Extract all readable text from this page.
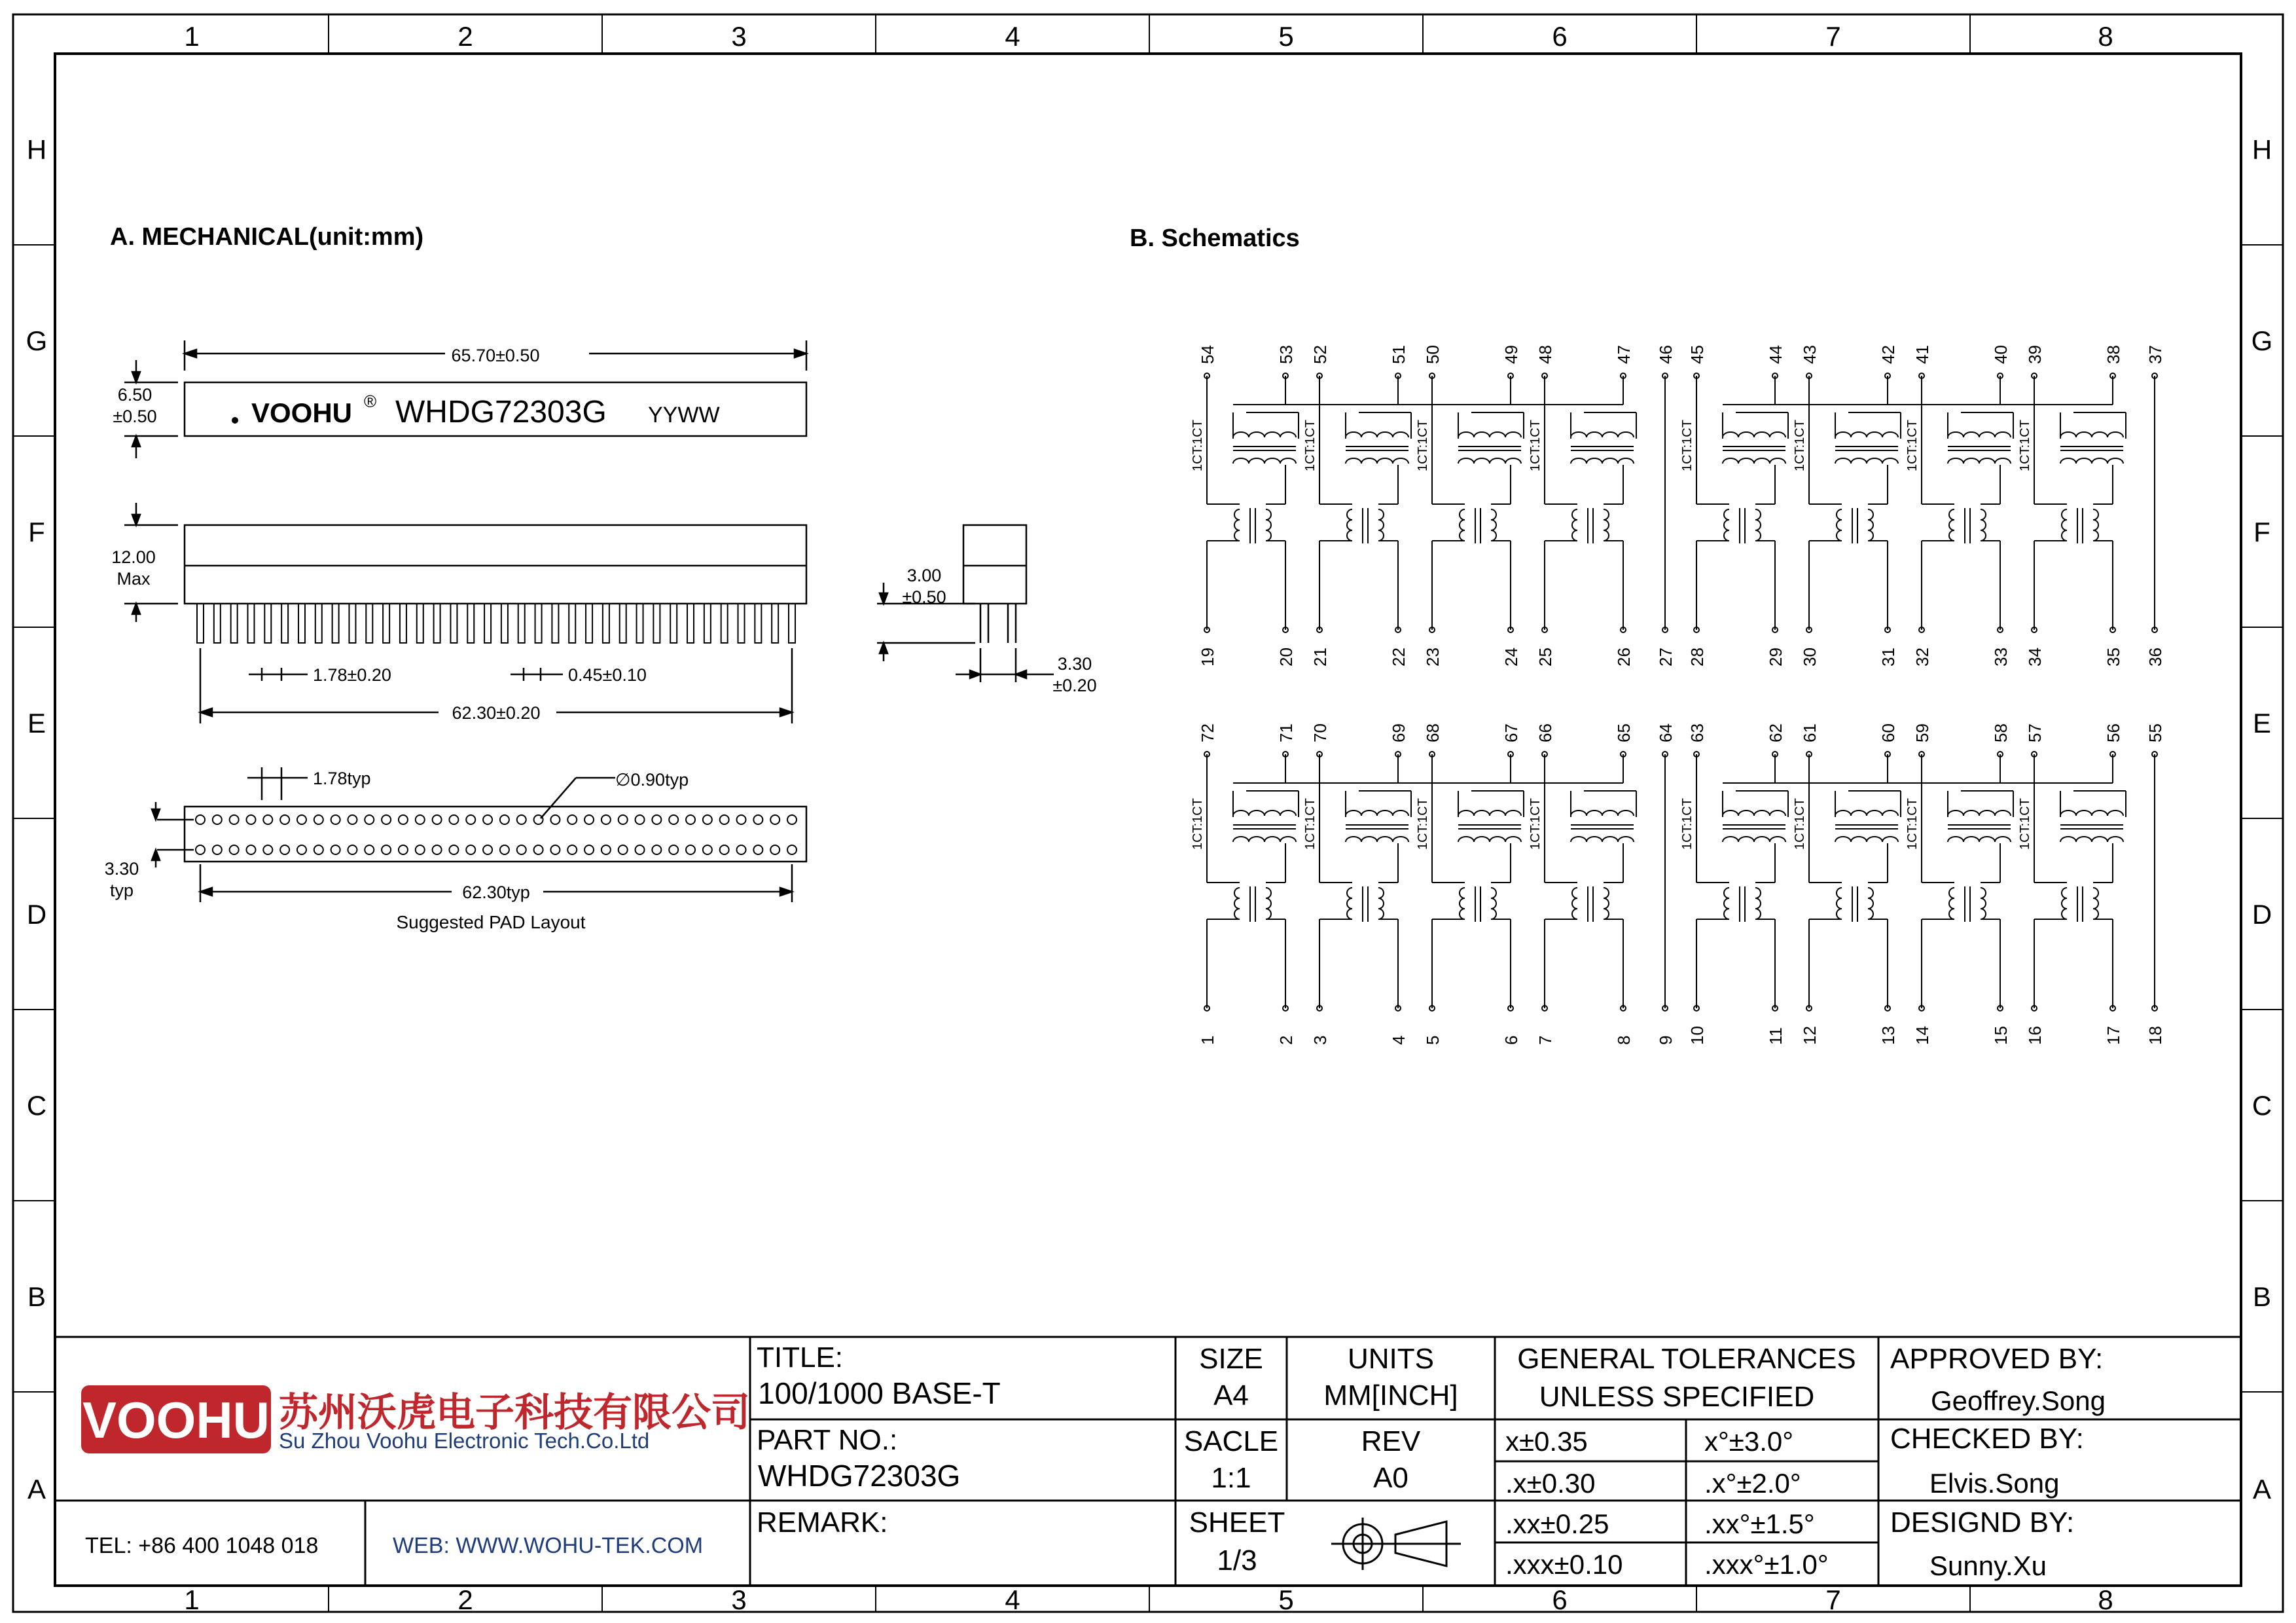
1
1
2
2
3
3
4
4
5
5
6
6
7
7
8
8
H	H
G	G
F	F
E	E
D	D
C	C
B	B
A	A
A. MECHANICAL(unit:mm)
65.70±0.50
6.50
±0.50	VOOHU ® WHDG72303G YYWW
12.00
Max
1.78±0.20	0.45±0.10
62.30±0.20
3.00
±0.50
3.30
±0.20
1.78typ	∅0.90typ
3.30
typ	62.30typ
Suggested PAD Layout
B. Schematics
54	53 52	51 50	49 48	47 46
19	20 21	22 23	24 25	26 27
1CT:1CT	1CT:1CT	1CT:1CT	1CT:1CT
45	44 43	42 41	40 39	38 37
28	29 30	31 32	33 34	35 36
1CT:1CT	1CT:1CT	1CT:1CT	1CT:1CT
72	71 70	69 68	67 66	65 64
1	2 3	4 5	6 7	8 9
1CT:1CT	1CT:1CT	1CT:1CT	1CT:1CT
63	62 61	60 59	58 57	56 55
10	11 12	13 14	15 16	17 18
1CT:1CT	1CT:1CT	1CT:1CT	1CT:1CT
VOOHU 苏州沃虎电子科技有限公司
Su Zhou Voohu Electronic Tech.Co.Ltd
TEL: +86 400 1048 018	WEB: WWW.WOHU-TEK.COM
TITLE:
100/1000 BASE-T
PART NO.:
WHDG72303G
REMARK:
SIZE
A4
UNITS
MM[INCH]
SACLE
1:1
REV
A0
SHEET
1/3
GENERAL TOLERANCES
UNLESS SPECIFIED
x±0.35	x°±3.0°
.x±0.30	.x°±2.0°
.xx±0.25	.xx°±1.5°
.xxx±0.10	.xxx°±1.0°
APPROVED BY:
Geoffrey.Song
CHECKED BY:
Elvis.Song
DESIGND BY:
Sunny.Xu
